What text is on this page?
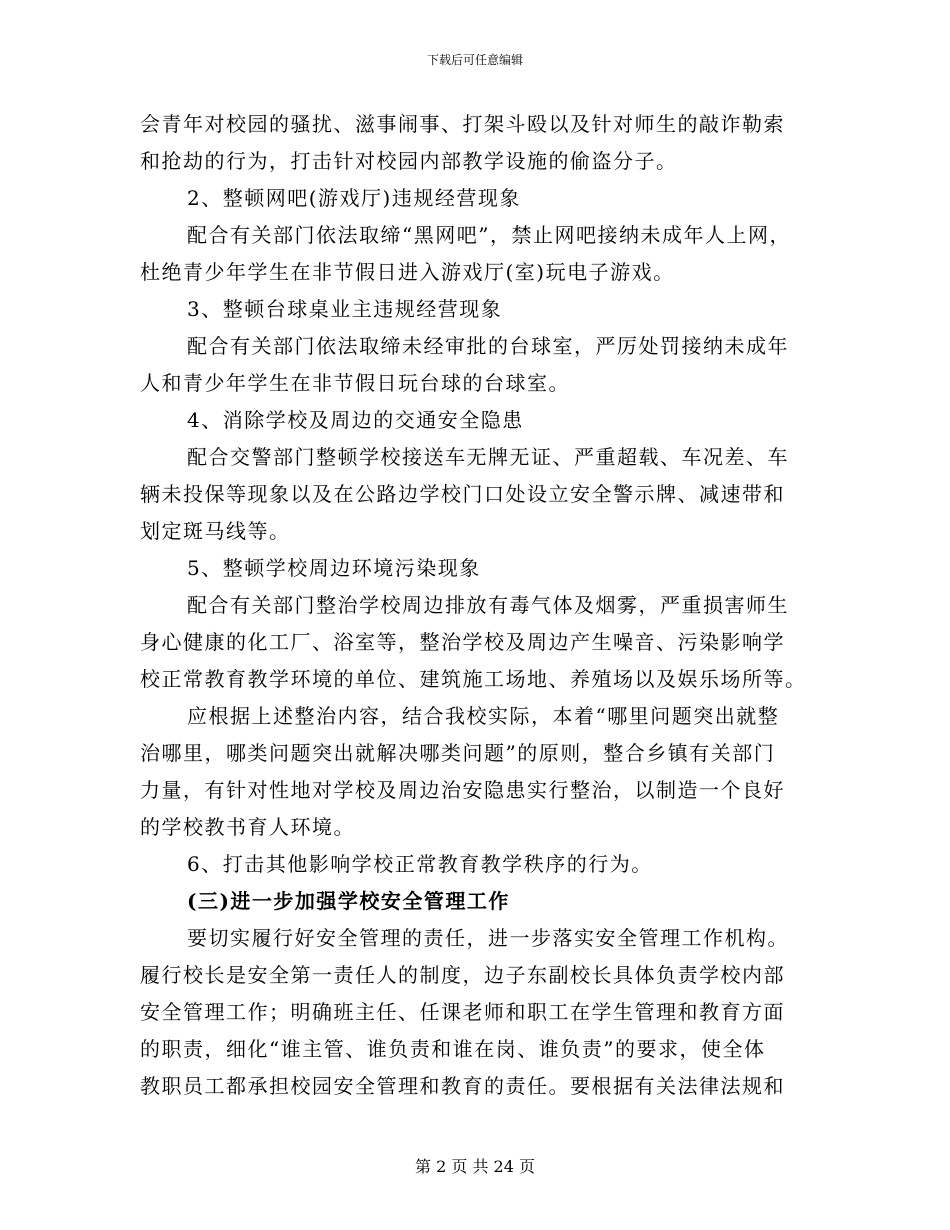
下载后可任意编辑
会青年对校园的骚扰、滋事闹事、打架斗殴以及针对师生的敲诈勒索
和抢劫的行为，打击针对校园内部教学设施的偷盗分子。
2、整顿网吧(游戏厅)违规经营现象
配合有关部门依法取缔“黑网吧”，禁止网吧接纳未成年人上网，
杜绝青少年学生在非节假日进入游戏厅(室)玩电子游戏。
3、整顿台球桌业主违规经营现象
配合有关部门依法取缔未经审批的台球室，严厉处罚接纳未成年
人和青少年学生在非节假日玩台球的台球室。
4、消除学校及周边的交通安全隐患
配合交警部门整顿学校接送车无牌无证、严重超载、车况差、车
辆未投保等现象以及在公路边学校门口处设立安全警示牌、减速带和
划定斑马线等。
5、整顿学校周边环境污染现象
配合有关部门整治学校周边排放有毒气体及烟雾，严重损害师生
身心健康的化工厂、浴室等，整治学校及周边产生噪音、污染影响学
校正常教育教学环境的单位、建筑施工场地、养殖场以及娱乐场所等。
应根据上述整治内容，结合我校实际，本着“哪里问题突出就整
治哪里，哪类问题突出就解决哪类问题”的原则，整合乡镇有关部门
力量，有针对性地对学校及周边治安隐患实行整治，以制造一个良好
的学校教书育人环境。
6、打击其他影响学校正常教育教学秩序的行为。
(三)进一步加强学校安全管理工作
要切实履行好安全管理的责任，进一步落实安全管理工作机构。
履行校长是安全第一责任人的制度，边子东副校长具体负责学校内部
安全管理工作；明确班主任、任课老师和职工在学生管理和教育方面
的职责，细化“谁主管、谁负责和谁在岗、谁负责”的要求，使全体
教职员工都承担校园安全管理和教育的责任。要根据有关法律法规和
第 2 页 共 24 页
